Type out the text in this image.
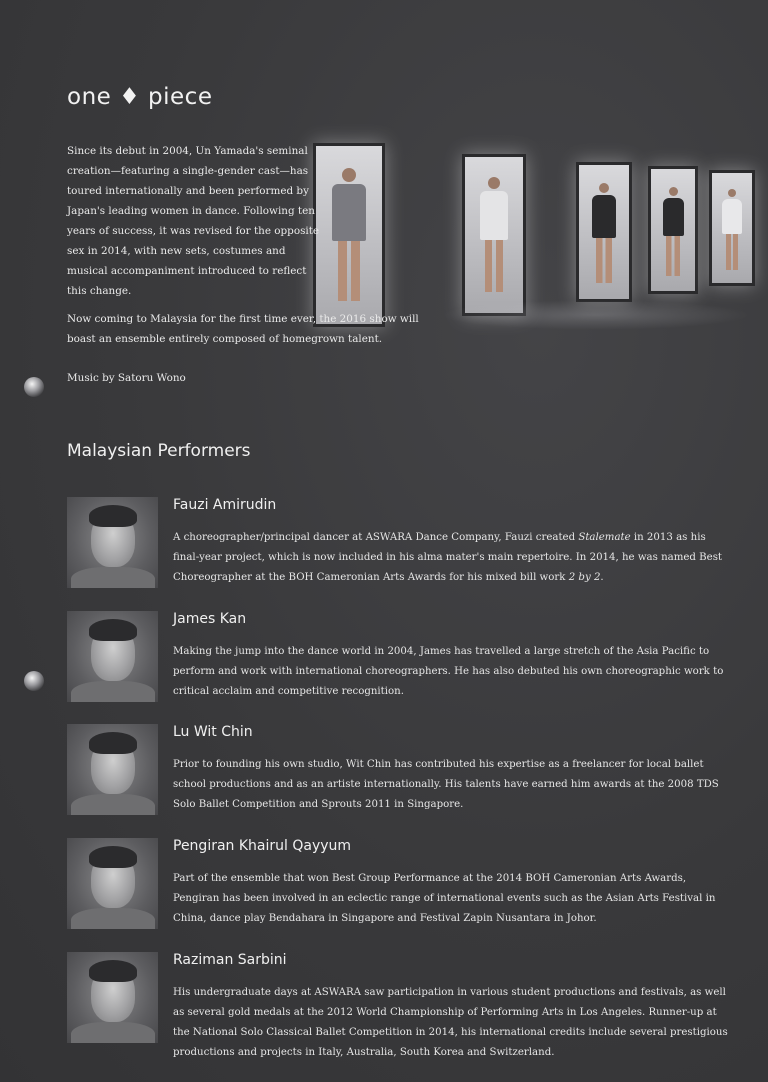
one ♦ piece

Since its debut in 2004, Un Yamada's seminal creation—featuring a single-gender cast—has toured internationally and been performed by Japan's leading women in dance. Following ten years of success, it was revised for the opposite sex in 2014, with new sets, costumes and musical accompaniment introduced to reflect this change.

Now coming to Malaysia for the first time ever, the 2016 show will boast an ensemble entirely composed of homegrown talent.

Music by Satoru Wono
Malaysian Performers
Fauzi Amirudin
A choreographer/principal dancer at ASWARA Dance Company, Fauzi created Stalemate in 2013 as his final-year project, which is now included in his alma mater's main repertoire. In 2014, he was named Best Choreographer at the BOH Cameronian Arts Awards for his mixed bill work 2 by 2.
James Kan
Making the jump into the dance world in 2004, James has travelled a large stretch of the Asia Pacific to perform and work with international choreographers. He has also debuted his own choreographic work to critical acclaim and competitive recognition.
Lu Wit Chin
Prior to founding his own studio, Wit Chin has contributed his expertise as a freelancer for local ballet school productions and as an artiste internationally. His talents have earned him awards at the 2008 TDS Solo Ballet Competition and Sprouts 2011 in Singapore.
Pengiran Khairul Qayyum
Part of the ensemble that won Best Group Performance at the 2014 BOH Cameronian Arts Awards, Pengiran has been involved in an eclectic range of international events such as the Asian Arts Festival in China, dance play Bendahara in Singapore and Festival Zapin Nusantara in Johor.
Raziman Sarbini
His undergraduate days at ASWARA saw participation in various student productions and festivals, as well as several gold medals at the 2012 World Championship of Performing Arts in Los Angeles. Runner-up at the National Solo Classical Ballet Competition in 2014, his international credits include several prestigious productions and projects in Italy, Australia, South Korea and Switzerland.
